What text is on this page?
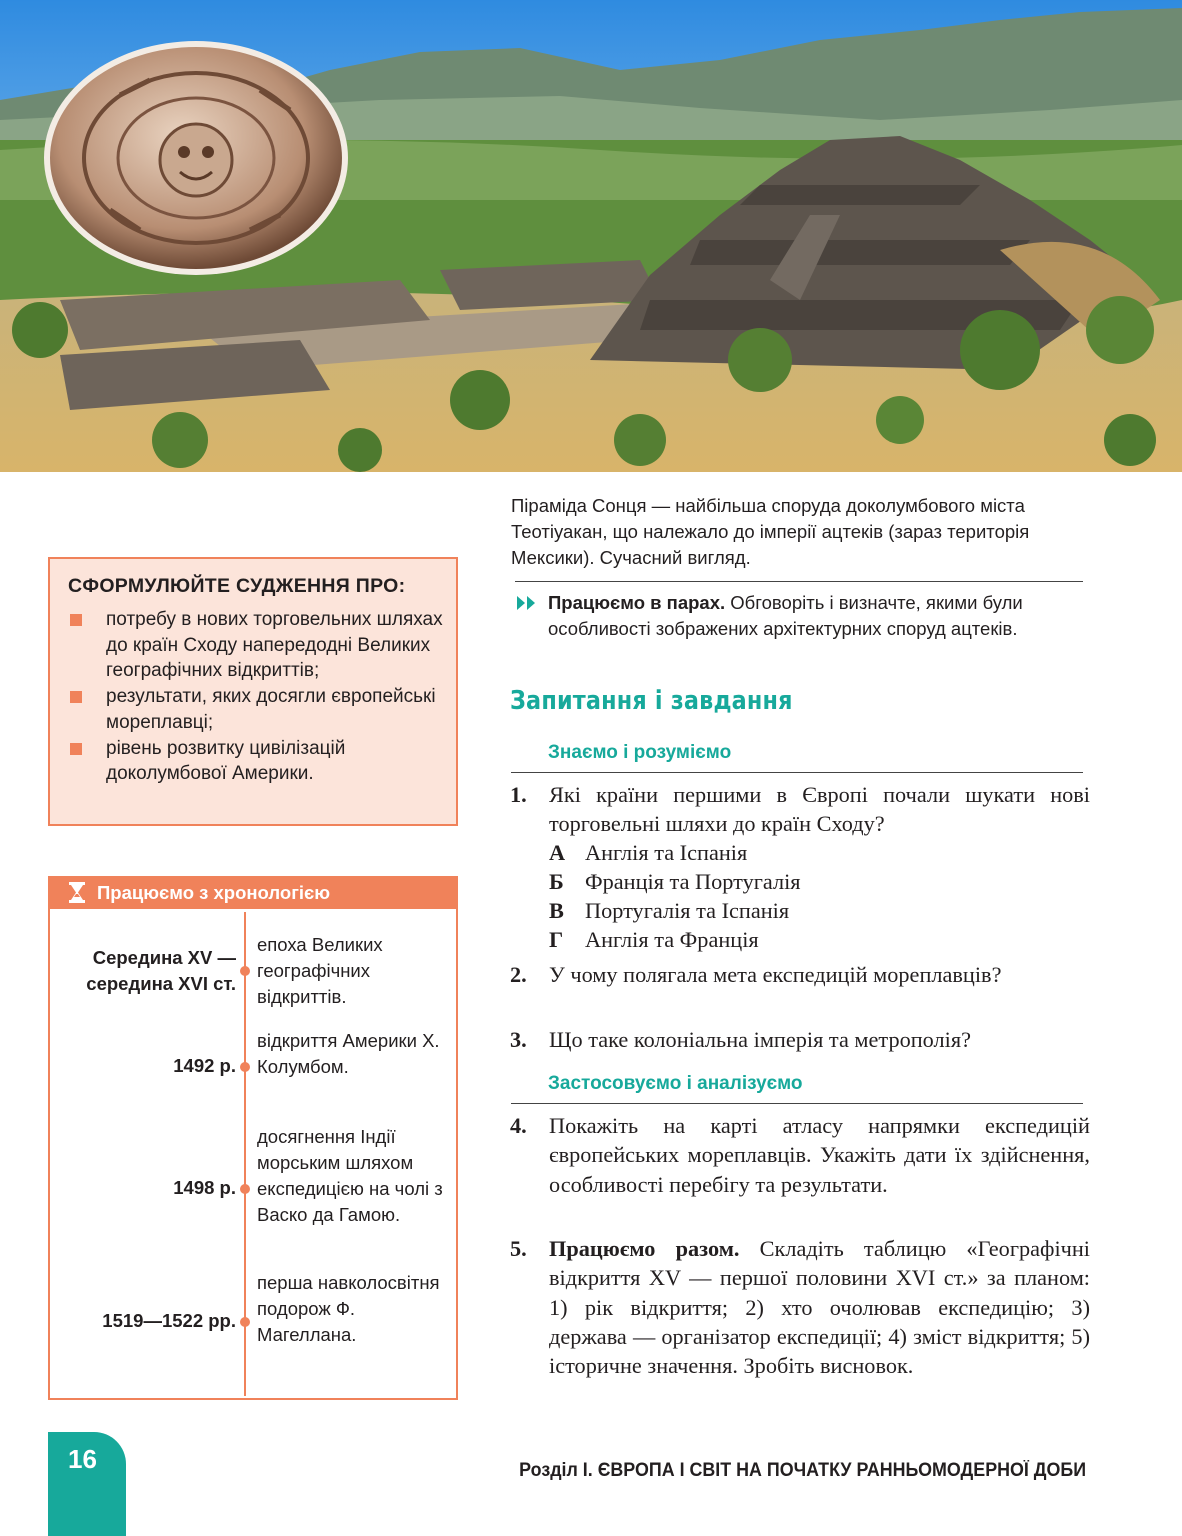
Піраміда Сонця — найбільша споруда доколумбового міста Теотіуакан, що належало до імперії ацтеків (зараз територія Мексики). Сучасний вигляд.
Працюємо в парах. Обговоріть і визначте, якими були особливості зображених архітектурних споруд ацтеків.
СФОРМУЛЮЙТЕ СУДЖЕННЯ ПРО:
потребу в нових торговельних шляхах до країн Сходу напередодні Великих географічних відкриттів;
результати, яких досягли європейські мореплавці;
рівень розвитку цивілізацій доколумбової Америки.
Працюємо з хронологією
Середина XV —
середина XVI ст.
епоха Великих географічних відкриттів.
1492 р.
відкриття Америки Х. Колумбом.
1498 р.
досягнення Індії морським шляхом експедицією на чолі з Васко да Гамою.
1519—1522 рр.
перша навколосвітня подорож Ф. Магеллана.
Запитання і завдання
Знаємо і розуміємо
1. Які країни першими в Європі почали шукати нові торговельні шляхи до країн Сходу?
А Англія та Іспанія
Б Франція та Португалія
В Португалія та Іспанія
Г Англія та Франція
2. У чому полягала мета експедицій мореплавців?
3. Що таке колоніальна імперія та метрополія?
Застосовуємо і аналізуємо
4. Покажіть на карті атласу напрямки експедицій європейських мореплавців. Укажіть дати їх здійснення, особливості перебігу та результати.
5. Працюємо разом. Складіть таблицю «Географічні відкриття XV — першої половини XVI ст.» за планом: 1) рік відкриття; 2) хто очолював експедицію; 3) держава — організатор експедиції; 4) зміст відкриття; 5) історичне значення. Зробіть висновок.
16	Розділ І. ЄВРОПА І СВІТ НА ПОЧАТКУ РАННЬОМОДЕРНОЇ ДОБИ
